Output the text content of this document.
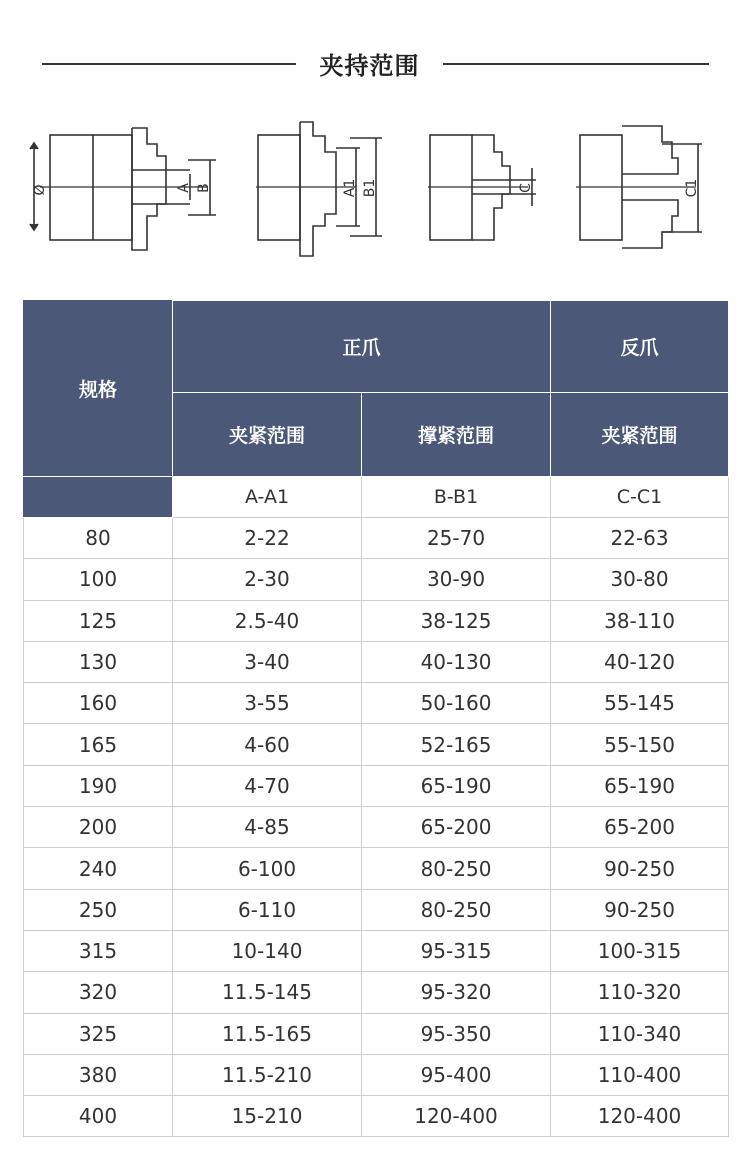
夹持范围
Ø	A B	A1 B1	C	C1
规格	正爪		反爪
	夹紧范围	撑紧范围	夹紧范围
	A-A1	B-B1	C-C1
80	2-22	25-70	22-63
100	2-30	30-90	30-80
125	2.5-40	38-125	38-110
130	3-40	40-130	40-120
160	3-55	50-160	55-145
165	4-60	52-165	55-150
190	4-70	65-190	65-190
200	4-85	65-200	65-200
240	6-100	80-250	90-250
250	6-110	80-250	90-250
315	10-140	95-315	100-315
320	11.5-145	95-320	110-320
325	11.5-165	95-350	110-340
380	11.5-210	95-400	110-400
400	15-210	120-400	120-400
